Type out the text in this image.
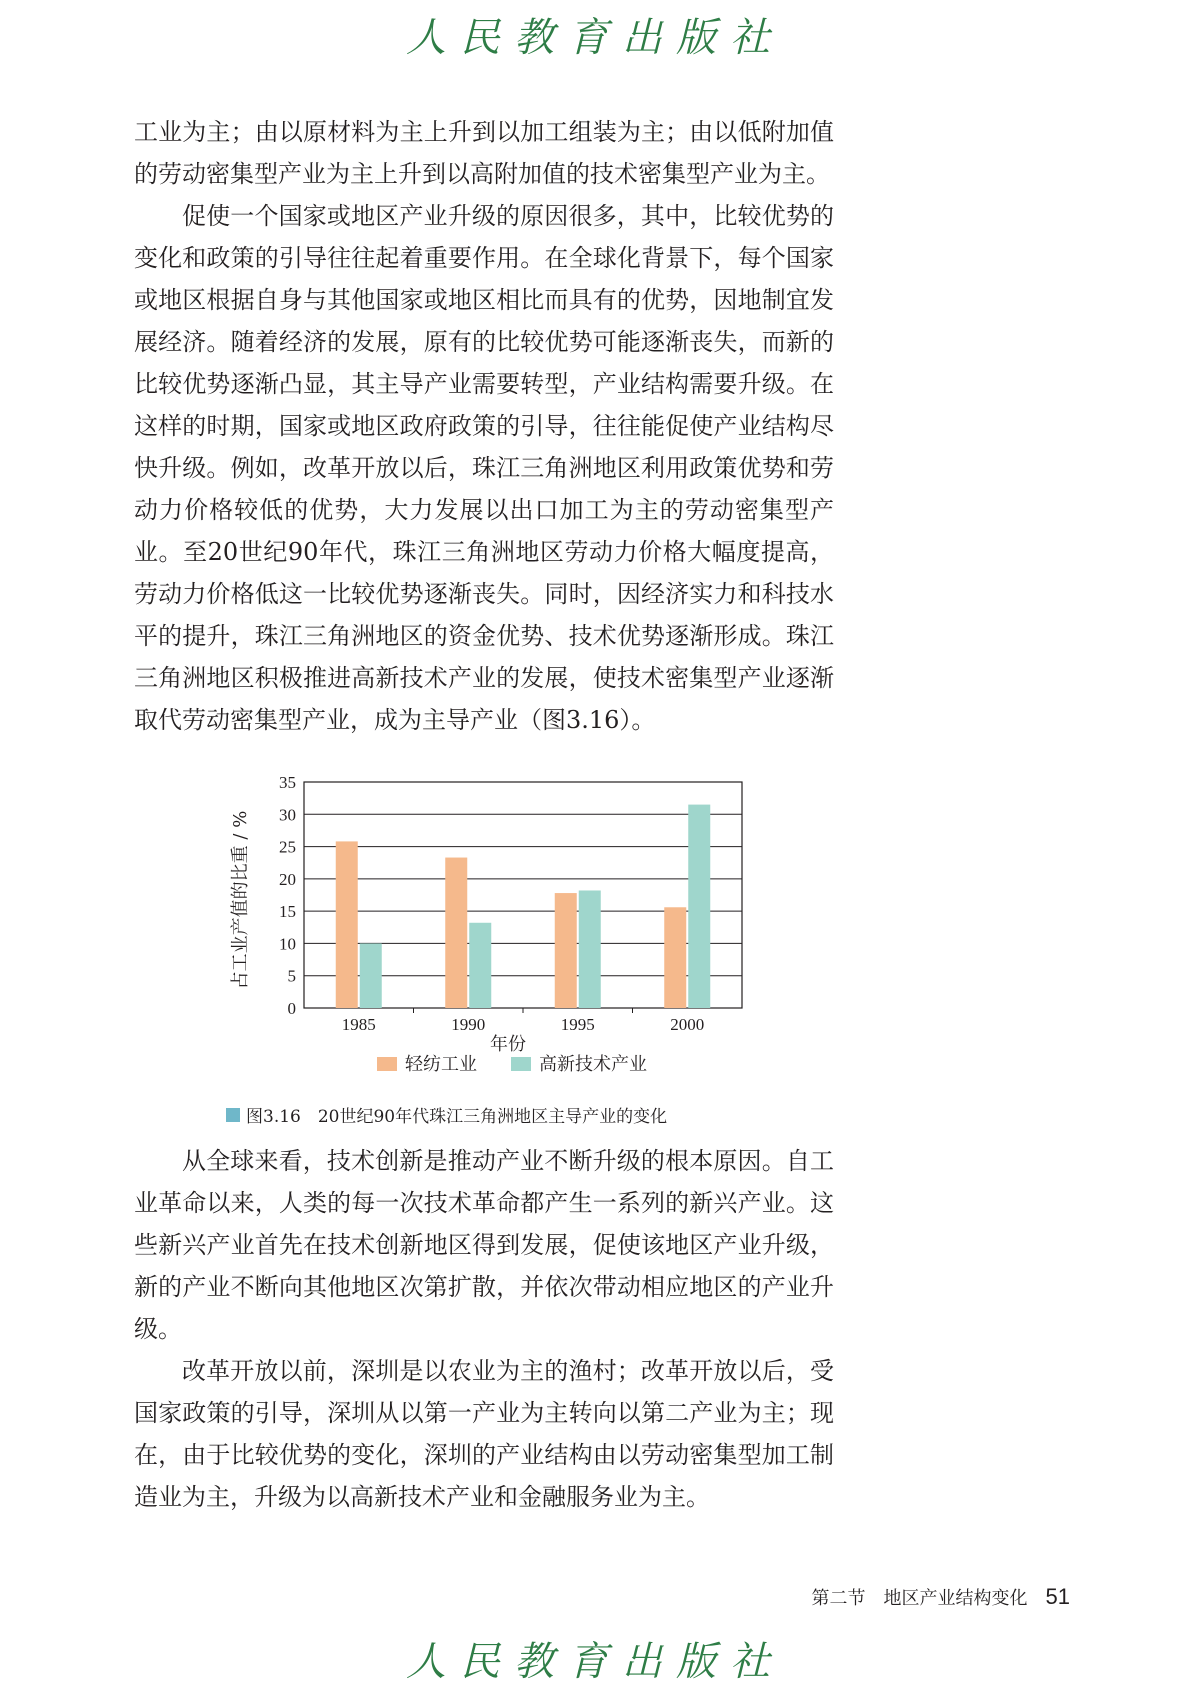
人民教育出版社

工业为主；由以原材料为主上升到以加工组装为主；由以低附加值的劳动密集型产业为主上升到以高附加值的技术密集型产业为主。

促使一个国家或地区产业升级的原因很多，其中，比较优势的变化和政策的引导往往起着重要作用。在全球化背景下，每个国家或地区根据自身与其他国家或地区相比而具有的优势，因地制宜发展经济。随着经济的发展，原有的比较优势可能逐渐丧失，而新的比较优势逐渐凸显，其主导产业需要转型，产业结构需要升级。在这样的时期，国家或地区政府政策的引导，往往能促使产业结构尽快升级。例如，改革开放以后，珠江三角洲地区利用政策优势和劳动力价格较低的优势，大力发展以出口加工为主的劳动密集型产业。至20世纪90年代，珠江三角洲地区劳动力价格大幅度提高，劳动力价格低这一比较优势逐渐丧失。同时，因经济实力和科技水平的提升，珠江三角洲地区的资金优势、技术优势逐渐形成。珠江三角洲地区积极推进高新技术产业的发展，使技术密集型产业逐渐取代劳动密集型产业，成为主导产业（图3.16）。

0
5
10
15
20
25
30
35
1985	1990	1995	2000
年份
占工业产值的比重 / %
轻纺工业	高新技术产业
图3.16　20世纪90年代珠江三角洲地区主导产业的变化

从全球来看，技术创新是推动产业不断升级的根本原因。自工业革命以来，人类的每一次技术革命都产生一系列的新兴产业。这些新兴产业首先在技术创新地区得到发展，促使该地区产业升级，新的产业不断向其他地区次第扩散，并依次带动相应地区的产业升级。

改革开放以前，深圳是以农业为主的渔村；改革开放以后，受国家政策的引导，深圳从以第一产业为主转向以第二产业为主；现在，由于比较优势的变化，深圳的产业结构由以劳动密集型加工制造业为主，升级为以高新技术产业和金融服务业为主。

第二节　地区产业结构变化 51
人民教育出版社
